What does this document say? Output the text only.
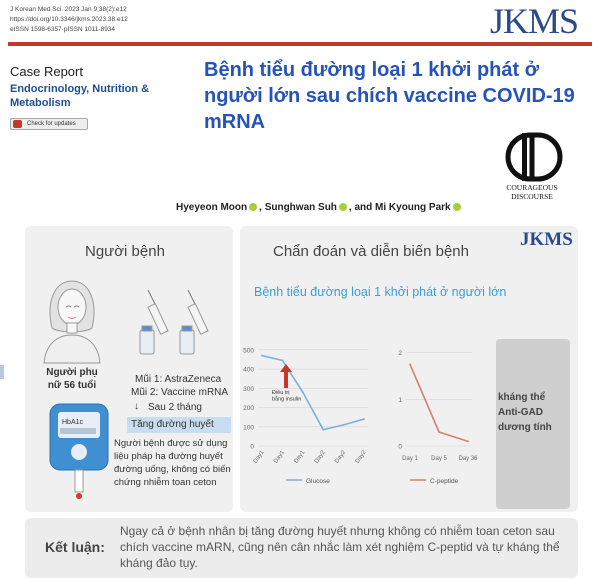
J Korean Med Sci. 2023 Jan 9;38(2):e12
https://doi.org/10.3346/jkms.2023.38.e12
eISSN 1598-6357·pISSN 1011-8934	JKMS
Case Report
Endocrinology, Nutrition & Metabolism
Check for updates
Bệnh tiểu đường loại 1 khởi phát ở người lớn sau chích vaccine COVID-19 mRNA
COURAGEOUS
DISCOURSE
Hyeyeon Moon , Sunghwan Suh , and Mi Kyoung Park
Người bệnh
Người phụ nữ 56 tuổi
Mũi 1: AstraZeneca
Mũi 2: Vaccine mRNA
↓ Sau 2 tháng
Tăng đường huyết
HbA1c
Người bệnh được sử dụng liệu pháp hạ đường huyết đường uống, không có biến chứng nhiễm toan ceton
Chẩn đoán và diễn biến bệnh
JKMS
Bệnh tiểu đường loại 1 khởi phát ở người lớn
0
100
200
300
400
500
Day1 Day1 Day1 Day2 Day2 Day2
Điều trị bằng insulin
Glucose
0
1
2
Day 1 Day 5 Day 36
C-peptide
kháng thể Anti-GAD dương tính
Kết luận:
Ngay cả ở bệnh nhân bị tăng đường huyết nhưng không có nhiễm toan ceton sau chích vaccine mARN, cũng nên cân nhắc làm xét nghiệm C-peptid và tự kháng thể kháng đảo tụy.
